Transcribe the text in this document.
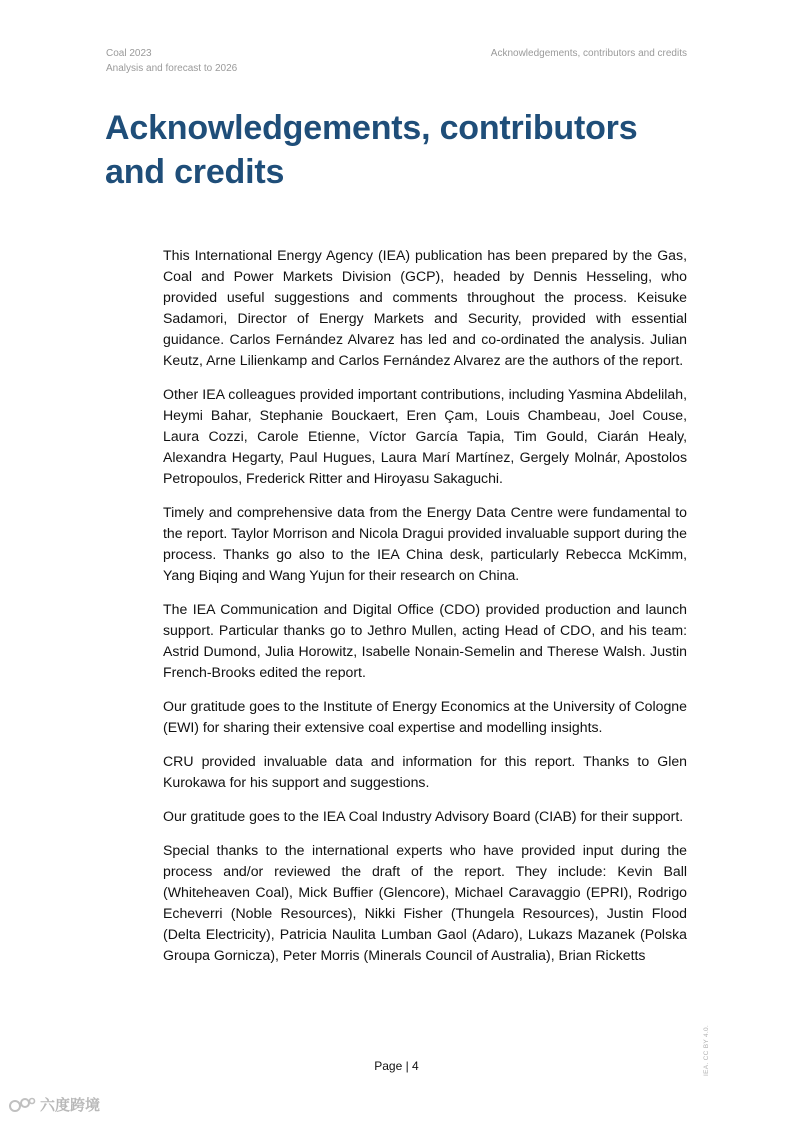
Coal 2023
Analysis and forecast to 2026
Acknowledgements, contributors and credits
Acknowledgements, contributors
and credits

This International Energy Agency (IEA) publication has been prepared by the Gas, Coal and Power Markets Division (GCP), headed by Dennis Hesseling, who provided useful suggestions and comments throughout the process. Keisuke Sadamori, Director of Energy Markets and Security, provided with essential guidance. Carlos Fernández Alvarez has led and co-ordinated the analysis. Julian Keutz, Arne Lilienkamp and Carlos Fernández Alvarez are the authors of the report.

Other IEA colleagues provided important contributions, including Yasmina Abdelilah, Heymi Bahar, Stephanie Bouckaert, Eren Çam, Louis Chambeau, Joel Couse, Laura Cozzi, Carole Etienne, Víctor García Tapia, Tim Gould, Ciarán Healy, Alexandra Hegarty, Paul Hugues, Laura Marí Martínez, Gergely Molnár, Apostolos Petropoulos, Frederick Ritter and Hiroyasu Sakaguchi.

Timely and comprehensive data from the Energy Data Centre were fundamental to the report. Taylor Morrison and Nicola Dragui provided invaluable support during the process. Thanks go also to the IEA China desk, particularly Rebecca McKimm, Yang Biqing and Wang Yujun for their research on China.

The IEA Communication and Digital Office (CDO) provided production and launch support. Particular thanks go to Jethro Mullen, acting Head of CDO, and his team: Astrid Dumond, Julia Horowitz, Isabelle Nonain-Semelin and Therese Walsh. Justin French-Brooks edited the report.

Our gratitude goes to the Institute of Energy Economics at the University of Cologne (EWI) for sharing their extensive coal expertise and modelling insights.

CRU provided invaluable data and information for this report. Thanks to Glen Kurokawa for his support and suggestions.

Our gratitude goes to the IEA Coal Industry Advisory Board (CIAB) for their support.

Special thanks to the international experts who have provided input during the process and/or reviewed the draft of the report. They include: Kevin Ball (Whiteheaven Coal), Mick Buffier (Glencore), Michael Caravaggio (EPRI), Rodrigo Echeverri (Noble Resources), Nikki Fisher (Thungela Resources), Justin Flood (Delta Electricity), Patricia Naulita Lumban Gaol (Adaro), Lukazs Mazanek (Polska Groupa Gornicza), Peter Morris (Minerals Council of Australia), Brian Ricketts

Page | 4	IEA. CC BY 4.0.
六度跨境
